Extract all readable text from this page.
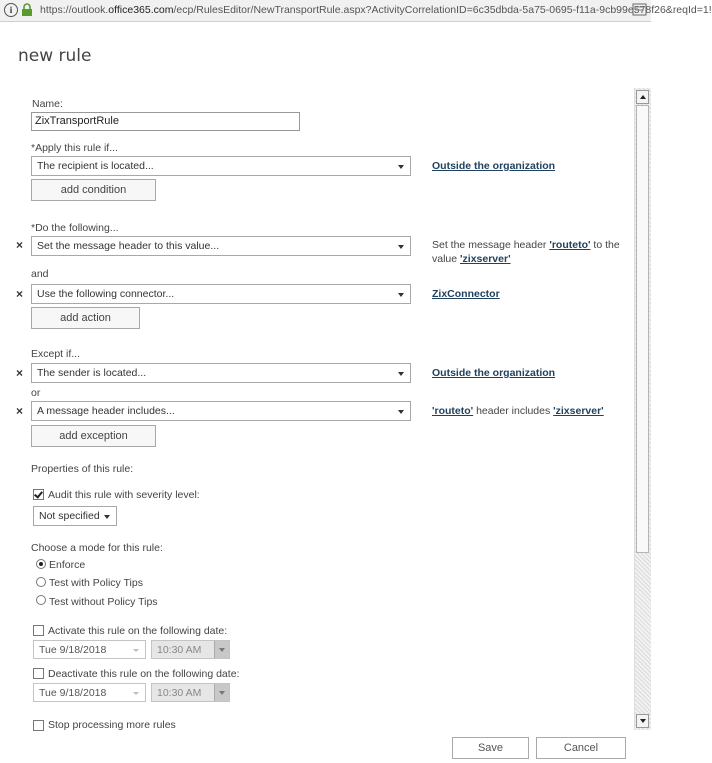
i	https://outlook.office365.com/ecp/RulesEditor/NewTransportRule.aspx?ActivityCorrelationID=6c35dbda-5a75-0695-f11a-9cb99e578f26&reqId=1!
new rule
Name:
ZixTransportRule
*Apply this rule if...
The recipient is located...	Outside the organization
add condition
*Do the following...
× Set the message header to this value...	Set the message header 'routeto' to the value 'zixserver'
and
× Use the following connector...	ZixConnector
add action
Except if...
× The sender is located...	Outside the organization
or
× A message header includes...	'routeto' header includes 'zixserver'
add exception
Properties of this rule:
Audit this rule with severity level:
Not specified
Choose a mode for this rule:
Enforce
Test with Policy Tips
Test without Policy Tips
Activate this rule on the following date:
Tue 9/18/2018	10:30 AM
Deactivate this rule on the following date:
Tue 9/18/2018	10:30 AM
Stop processing more rules
Save	Cancel
